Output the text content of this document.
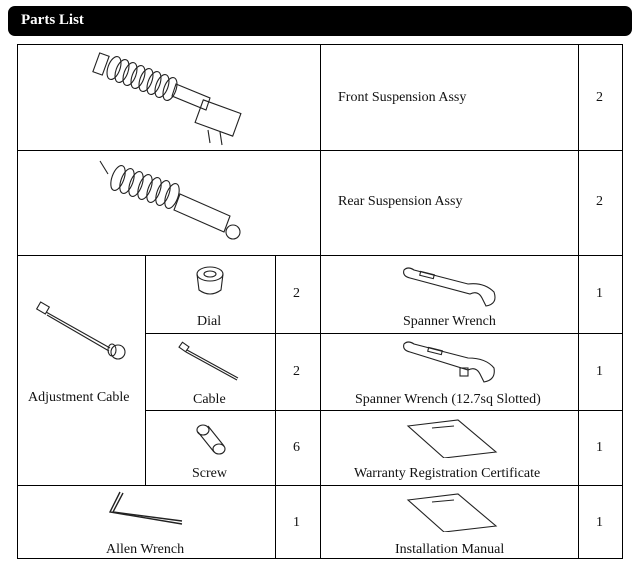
Parts List
Front Suspension Assy	2
Rear Suspension Assy	2
Adjustment Cable
Dial
2
Cable
2
Screw
6
Allen Wrench
1
Spanner Wrench
1
Spanner Wrench (12.7sq Slotted)
1
Warranty Registration Certificate
1
Installation Manual
1
